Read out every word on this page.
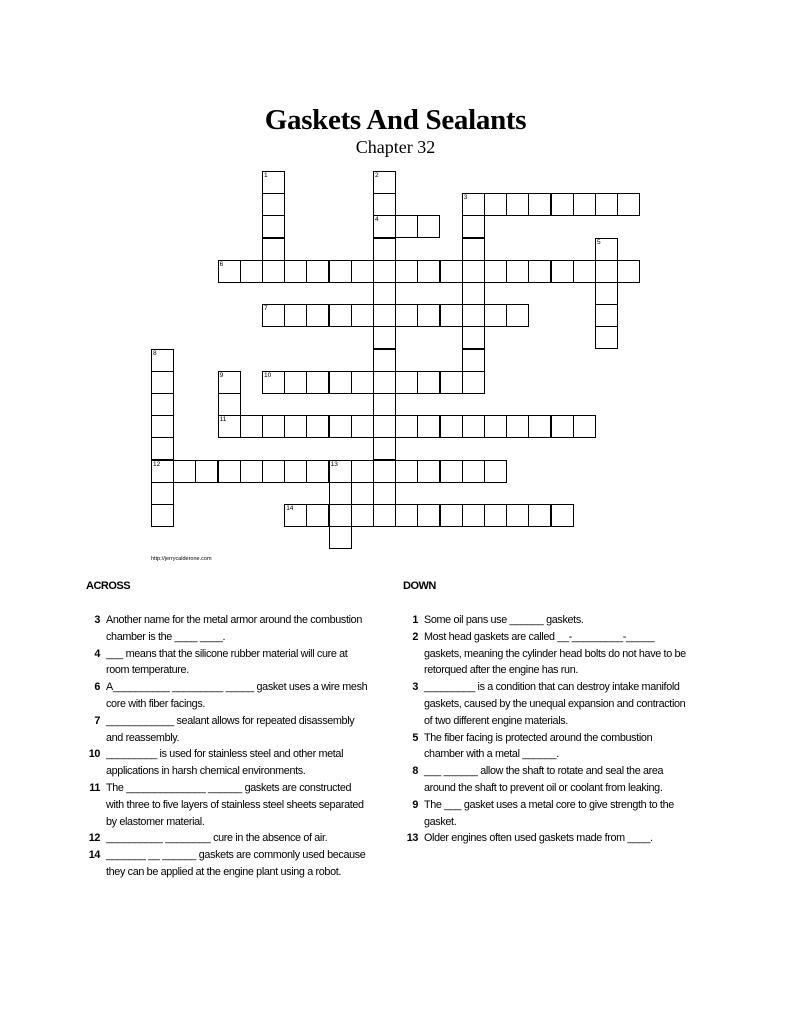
Gaskets And Sealants
Chapter 32
1	2
4
3
5
6
7
8
12
9
11
10
13
14
http://jerrycalderone.com
ACROSS	DOWN
3 Another name for the metal armor around the combustion chamber is the ____ ____.
4 ___ means that the silicone rubber material will cure at room temperature.
6 A__________ _________ _____ gasket uses a wire mesh core with fiber facings.
7 ____________ sealant allows for repeated disassembly and reassembly.
10 _________ is used for stainless steel and other metal applications in harsh chemical environments.
11 The ______________ ______ gaskets are constructed with three to five layers of stainless steel sheets separated by elastomer material.
12 __________ ________ cure in the absence of air.
14 _______ __ ______ gaskets are commonly used because they can be applied at the engine plant using a robot.
1 Some oil pans use ______ gaskets.
2 Most head gaskets are called __-_________-_____ gaskets, meaning the cylinder head bolts do not have to be retorqued after the engine has run.
3 _________ is a condition that can destroy intake manifold gaskets, caused by the unequal expansion and contraction of two different engine materials.
5 The fiber facing is protected around the combustion chamber with a metal ______.
8 ___ ______ allow the shaft to rotate and seal the area around the shaft to prevent oil or coolant from leaking.
9 The ___ gasket uses a metal core to give strength to the gasket.
13 Older engines often used gaskets made from ____.
